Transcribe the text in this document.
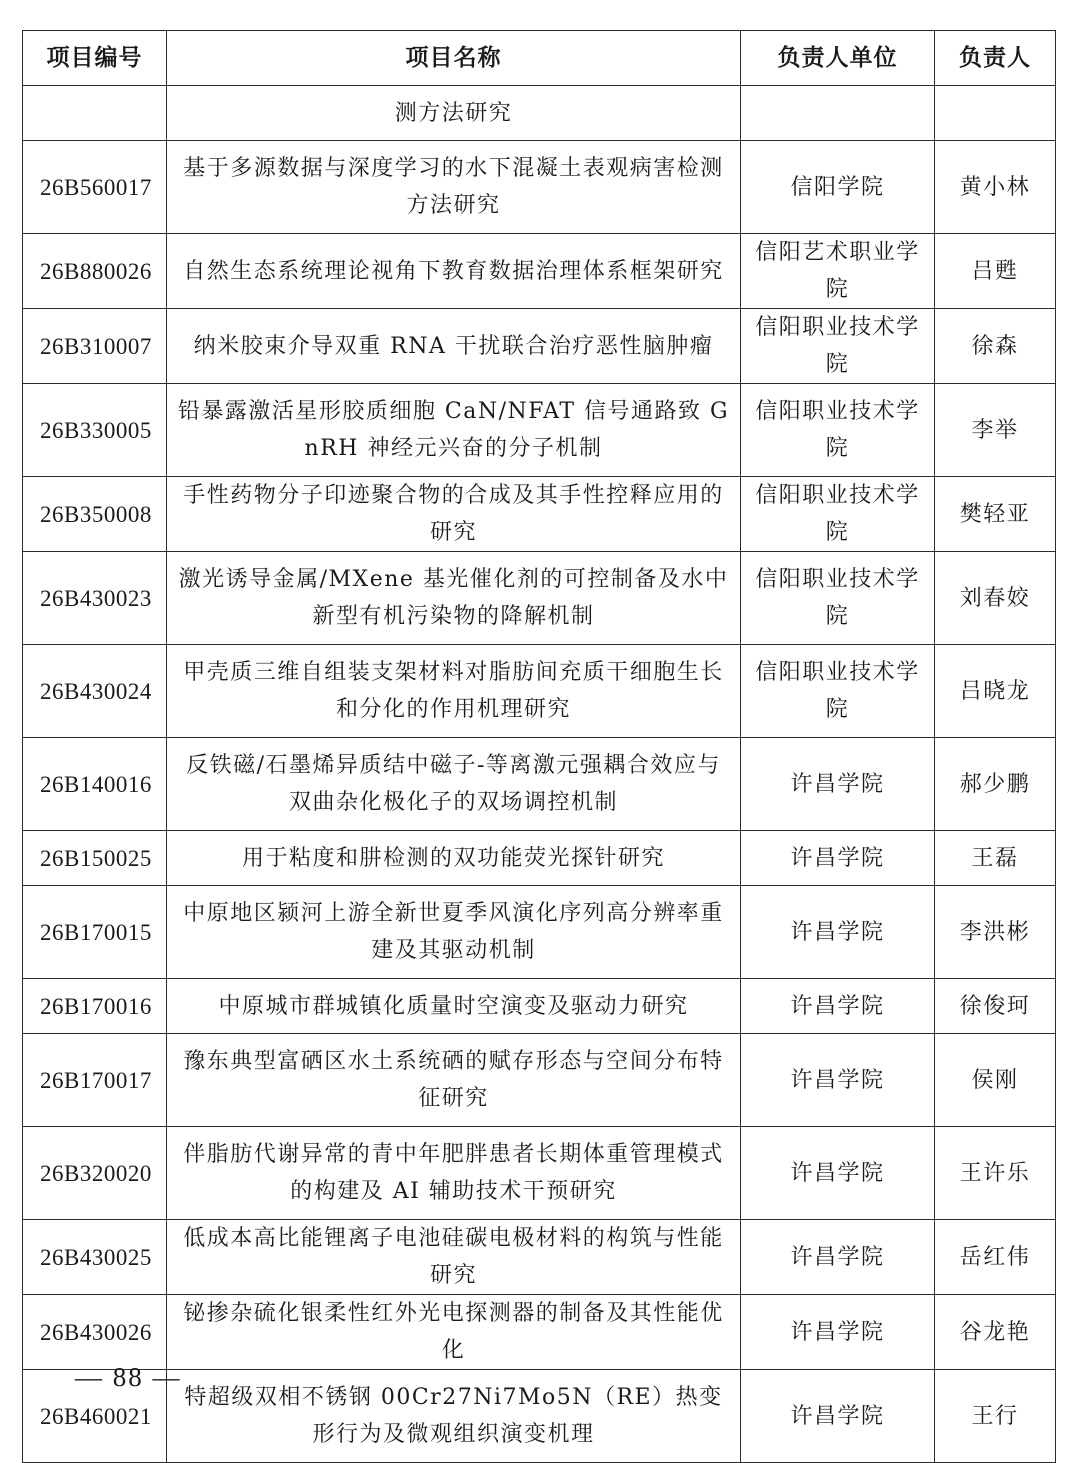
项目编号	项目名称	负责人单位	负责人
	测方法研究		
26B560017	基于多源数据与深度学习的水下混凝土表观病害检测方法研究	信阳学院	黄小林
26B880026	自然生态系统理论视角下教育数据治理体系框架研究	信阳艺术职业学院	吕甦
26B310007	纳米胶束介导双重 RNA 干扰联合治疗恶性脑肿瘤	信阳职业技术学院	徐森
26B330005	铅暴露激活星形胶质细胞 CaN/NFAT 信号通路致 GnRH 神经元兴奋的分子机制	信阳职业技术学院	李举
26B350008	手性药物分子印迹聚合物的合成及其手性控释应用的研究	信阳职业技术学院	樊轻亚
26B430023	激光诱导金属/MXene 基光催化剂的可控制备及水中新型有机污染物的降解机制	信阳职业技术学院	刘春姣
26B430024	甲壳质三维自组装支架材料对脂肪间充质干细胞生长和分化的作用机理研究	信阳职业技术学院	吕晓龙
26B140016	反铁磁/石墨烯异质结中磁子-等离激元强耦合效应与双曲杂化极化子的双场调控机制	许昌学院	郝少鹏
26B150025	用于粘度和肼检测的双功能荧光探针研究	许昌学院	王磊
26B170015	中原地区颍河上游全新世夏季风演化序列高分辨率重建及其驱动机制	许昌学院	李洪彬
26B170016	中原城市群城镇化质量时空演变及驱动力研究	许昌学院	徐俊珂
26B170017	豫东典型富硒区水土系统硒的赋存形态与空间分布特征研究	许昌学院	侯刚
26B320020	伴脂肪代谢异常的青中年肥胖患者长期体重管理模式的构建及 AI 辅助技术干预研究	许昌学院	王许乐
26B430025	低成本高比能锂离子电池硅碳电极材料的构筑与性能研究	许昌学院	岳红伟
26B430026	铋掺杂硫化银柔性红外光电探测器的制备及其性能优化	许昌学院	谷龙艳
26B460021	特超级双相不锈钢 00Cr27Ni7Mo5N（RE）热变形行为及微观组织演变机理	许昌学院	王行
— 88 —
